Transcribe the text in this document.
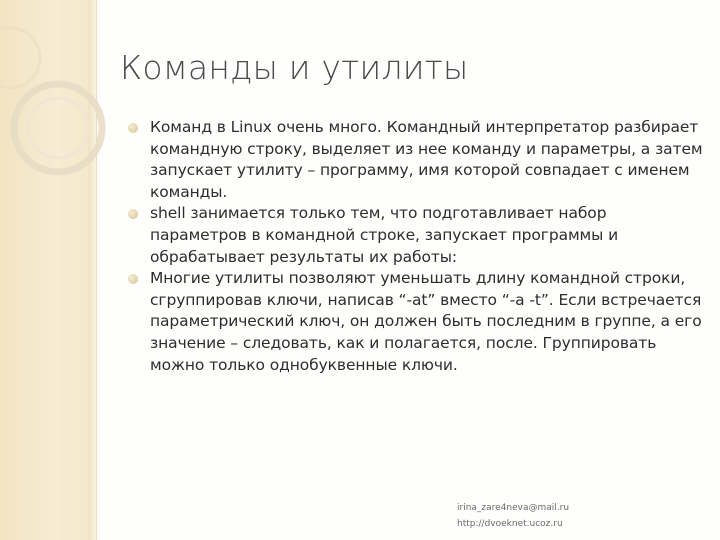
Команды и утилиты
Команд в Linux очень много. Командный интерпретатор разбирает командную строку, выделяет из нее команду и параметры, а затем запускает утилиту – программу, имя которой совпадает с именем команды.
shell занимается только тем, что подготавливает набор параметров в командной строке, запускает программы и обрабатывает результаты их работы:
Многие утилиты позволяют уменьшать длину командной строки, сгруппировав ключи, написав “-at” вместо “-a -t”. Если встречается параметрический ключ, он должен быть последним в группе, а его значение – следовать, как и полагается, после. Группировать можно только однобуквенные ключи.
irina_zare4neva@mail.ru
http://dvoeknet.ucoz.ru
